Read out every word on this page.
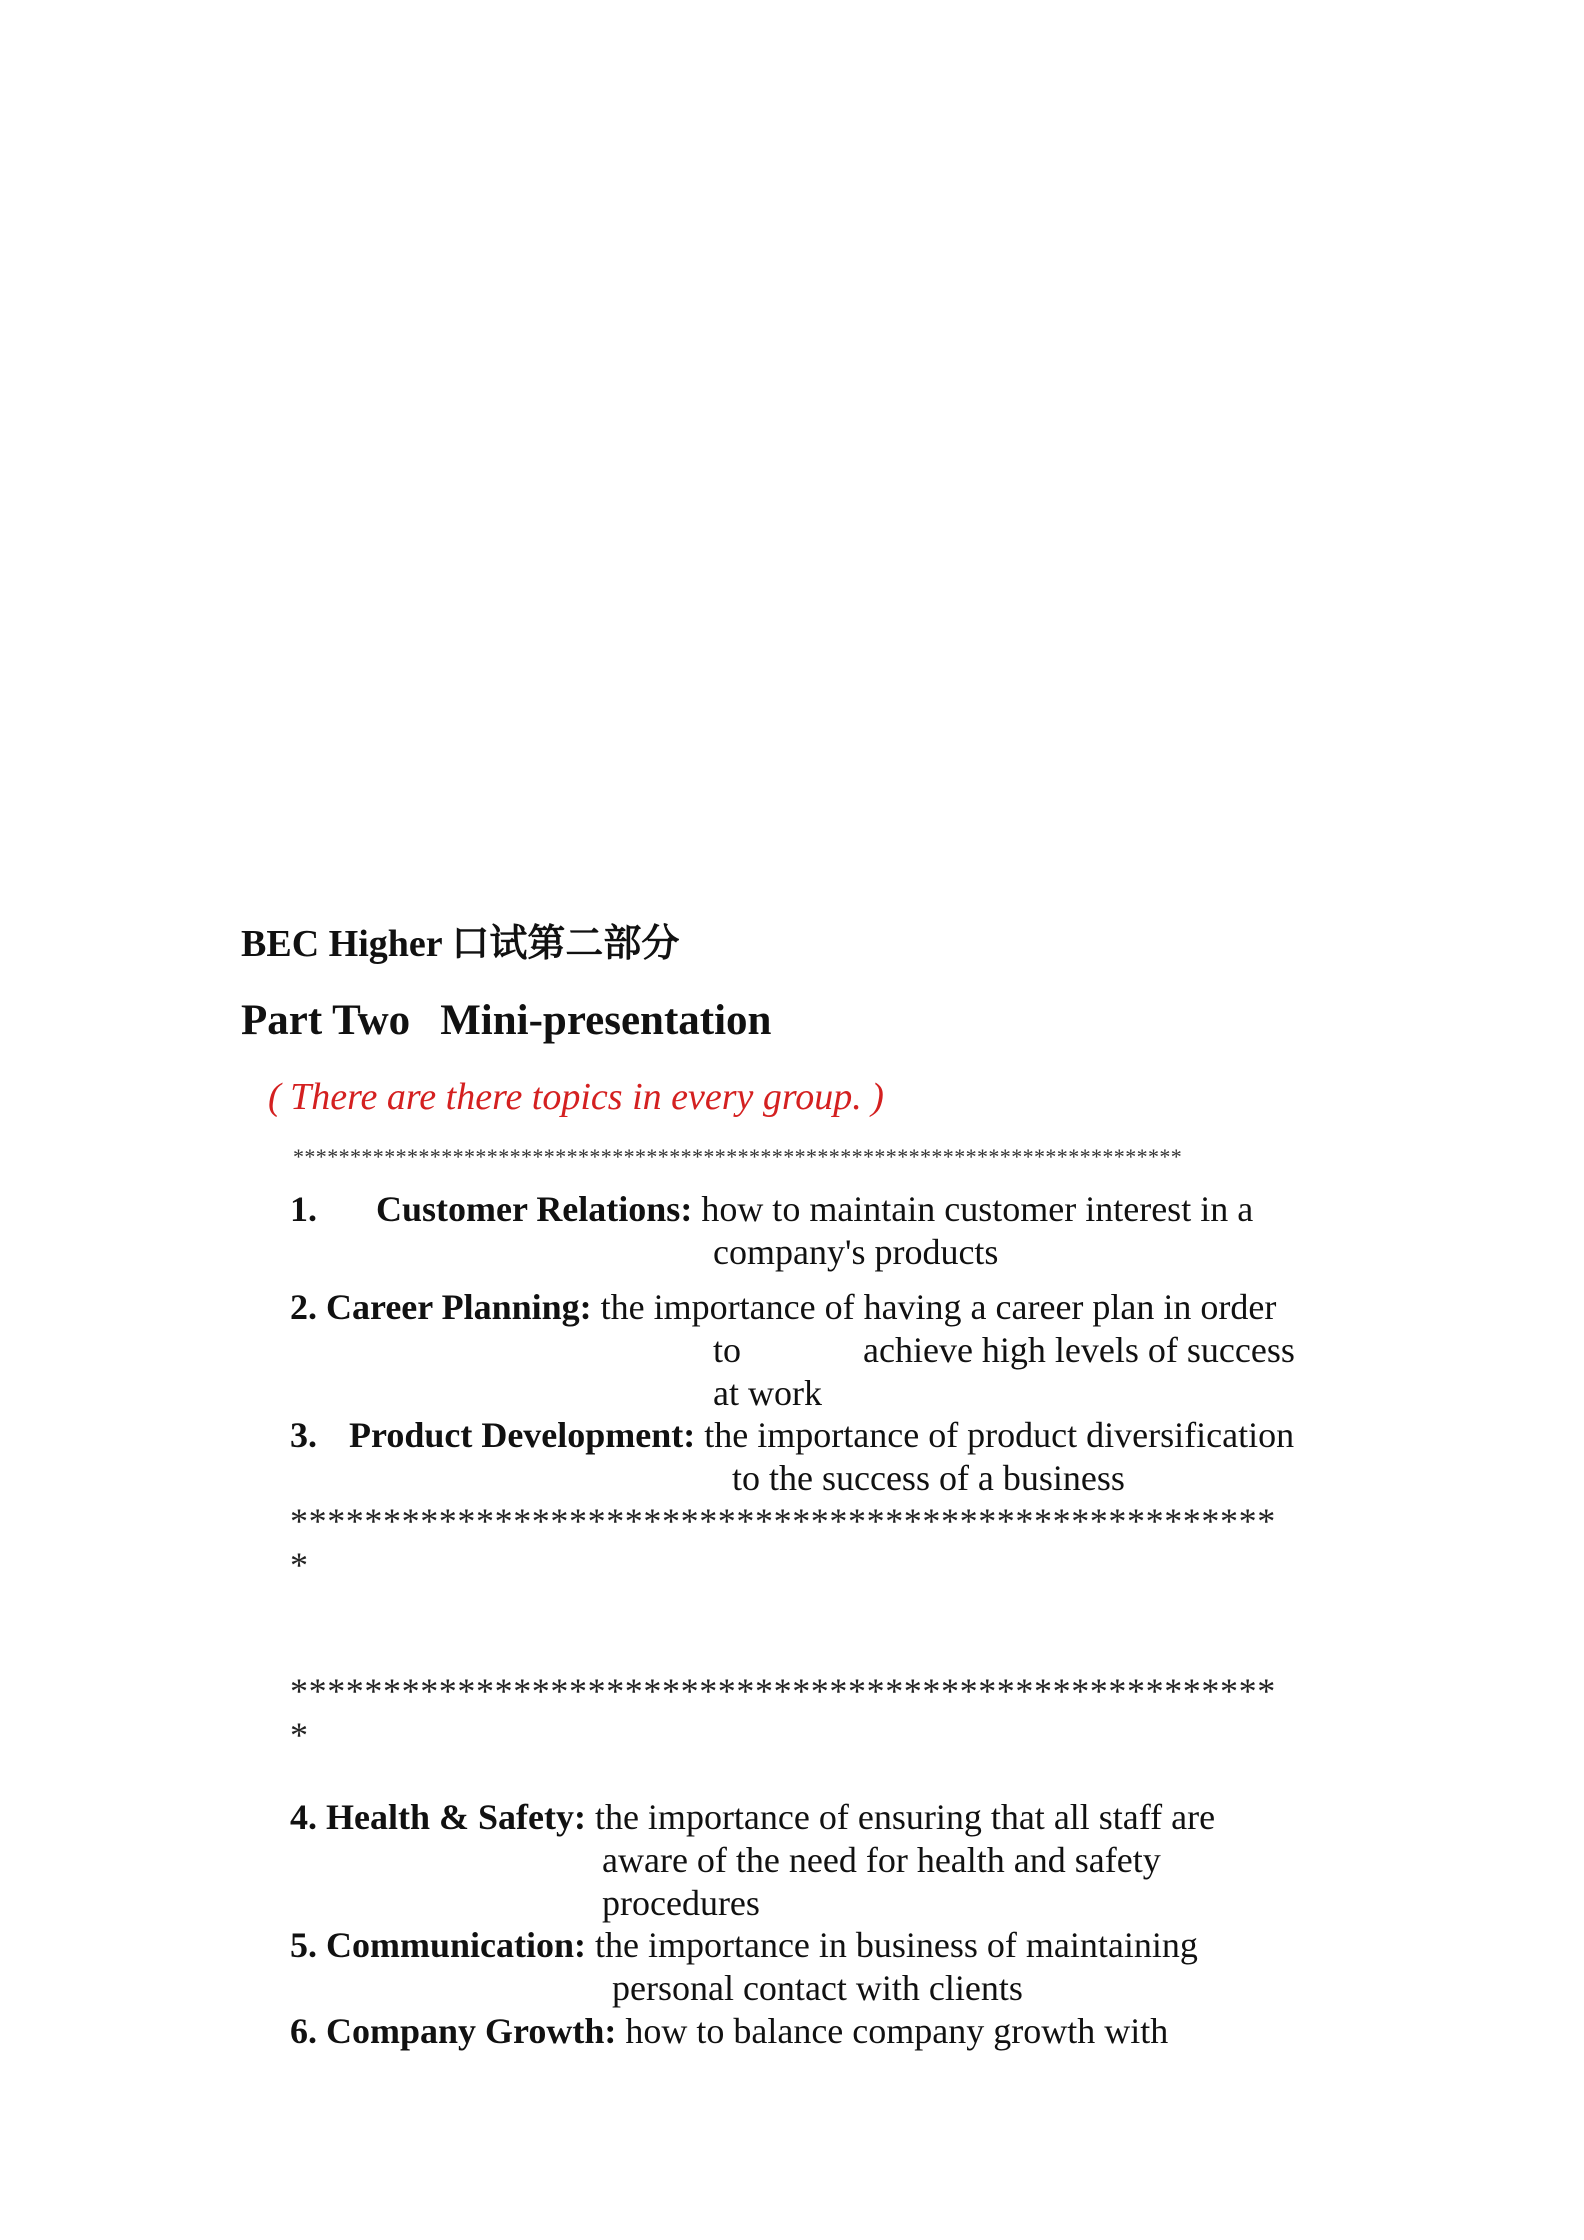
BEC Higher 口试第二部分
Part Two Mini-presentation
( There are there topics in every group. )
******************************************************************************
1. Customer Relations: how to maintain customer interest in a
company's products
2. Career Planning: the importance of having a career plan in order
to	achieve high levels of success
at work
3. Product Development: the importance of product diversification
to the success of a business
*****************************************************
*
*****************************************************
*
4. Health & Safety: the importance of ensuring that all staff are
aware of the need for health and safety
procedures
5. Communication: the importance in business of maintaining
personal contact with clients
6. Company Growth: how to balance company growth with
